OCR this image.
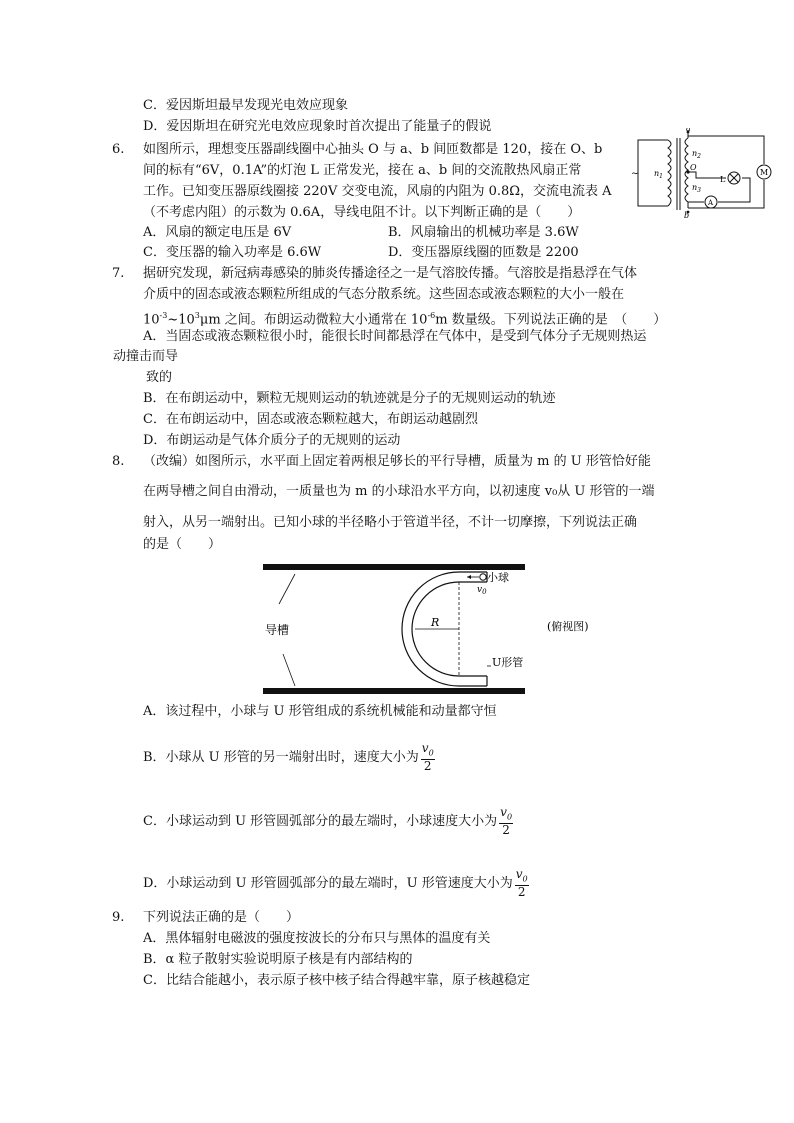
C．爱因斯坦最早发现光电效应现象
D．爱因斯坦在研究光电效应现象时首次提出了能量子的假说
6. 如图所示，理想变压器副线圈中心抽头 O 与 a、b 间匝数都是 120，接在 O、b
间的标有“6V，0.1A”的灯泡 L 正常发光，接在 a、b 间的交流散热风扇正常
工作。已知变压器原线圈接 220V 交变电流，风扇的内阻为 0.8Ω，交流电流表 A
（不考虑内阻）的示数为 0.6A，导线电阻不计。以下判断正确的是（　　）
A．风扇的额定电压是 6V	B．风扇输出的机械功率是 3.6W
C．变压器的输入功率是 6.6W	D．变压器原线圈的匝数是 2200
a
b
O
$n_1$
$n_2$
$n_3$
L
A
M
~
7. 据研究发现，新冠病毒感染的肺炎传播途径之一是气溶胶传播。气溶胶是指悬浮在气体
介质中的固态或液态颗粒所组成的气态分散系统。这些固态或液态颗粒的大小一般在
$10^{-3}\sim 10^3\mu m$ 之间。布朗运动微粒大小通常在 $10^{-6}m$ 数量级。下列说法正确的是　（　　）
A．当固态或液态颗粒很小时，能很长时间都悬浮在气体中，是受到气体分子无规则热运
动撞击而导
致的
B．在布朗运动中，颗粒无规则运动的轨迹就是分子的无规则运动的轨迹
C．在布朗运动中，固态或液态颗粒越大，布朗运动越剧烈
D．布朗运动是气体介质分子的无规则的运动
8. （改编）如图所示，水平面上固定着两根足够长的平行导槽，质量为 m 的 U 形管恰好能
在两导槽之间自由滑动，一质量也为 m 的小球沿水平方向，以初速度 v₀从 U 形管的一端
射入，从另一端射出。已知小球的半径略小于管道半径，不计一切摩擦，下列说法正确
的是（　　）
导槽
小球
$v_0$
R
U形管
(俯视图)
A．该过程中，小球与 U 形管组成的系统机械能和动量都守恒
B．小球从 U 形管的另一端射出时，速度大小为 $\frac{v_0}{2}$
C．小球运动到 U 形管圆弧部分的最左端时，小球速度大小为 $\frac{v_0}{2}$
D．小球运动到 U 形管圆弧部分的最左端时，U 形管速度大小为 $\frac{v_0}{2}$
9. 下列说法正确的是（　　）
A．黑体辐射电磁波的强度按波长的分布只与黑体的温度有关
B．α 粒子散射实验说明原子核是有内部结构的
C．比结合能越小，表示原子核中核子结合得越牢靠，原子核越稳定
